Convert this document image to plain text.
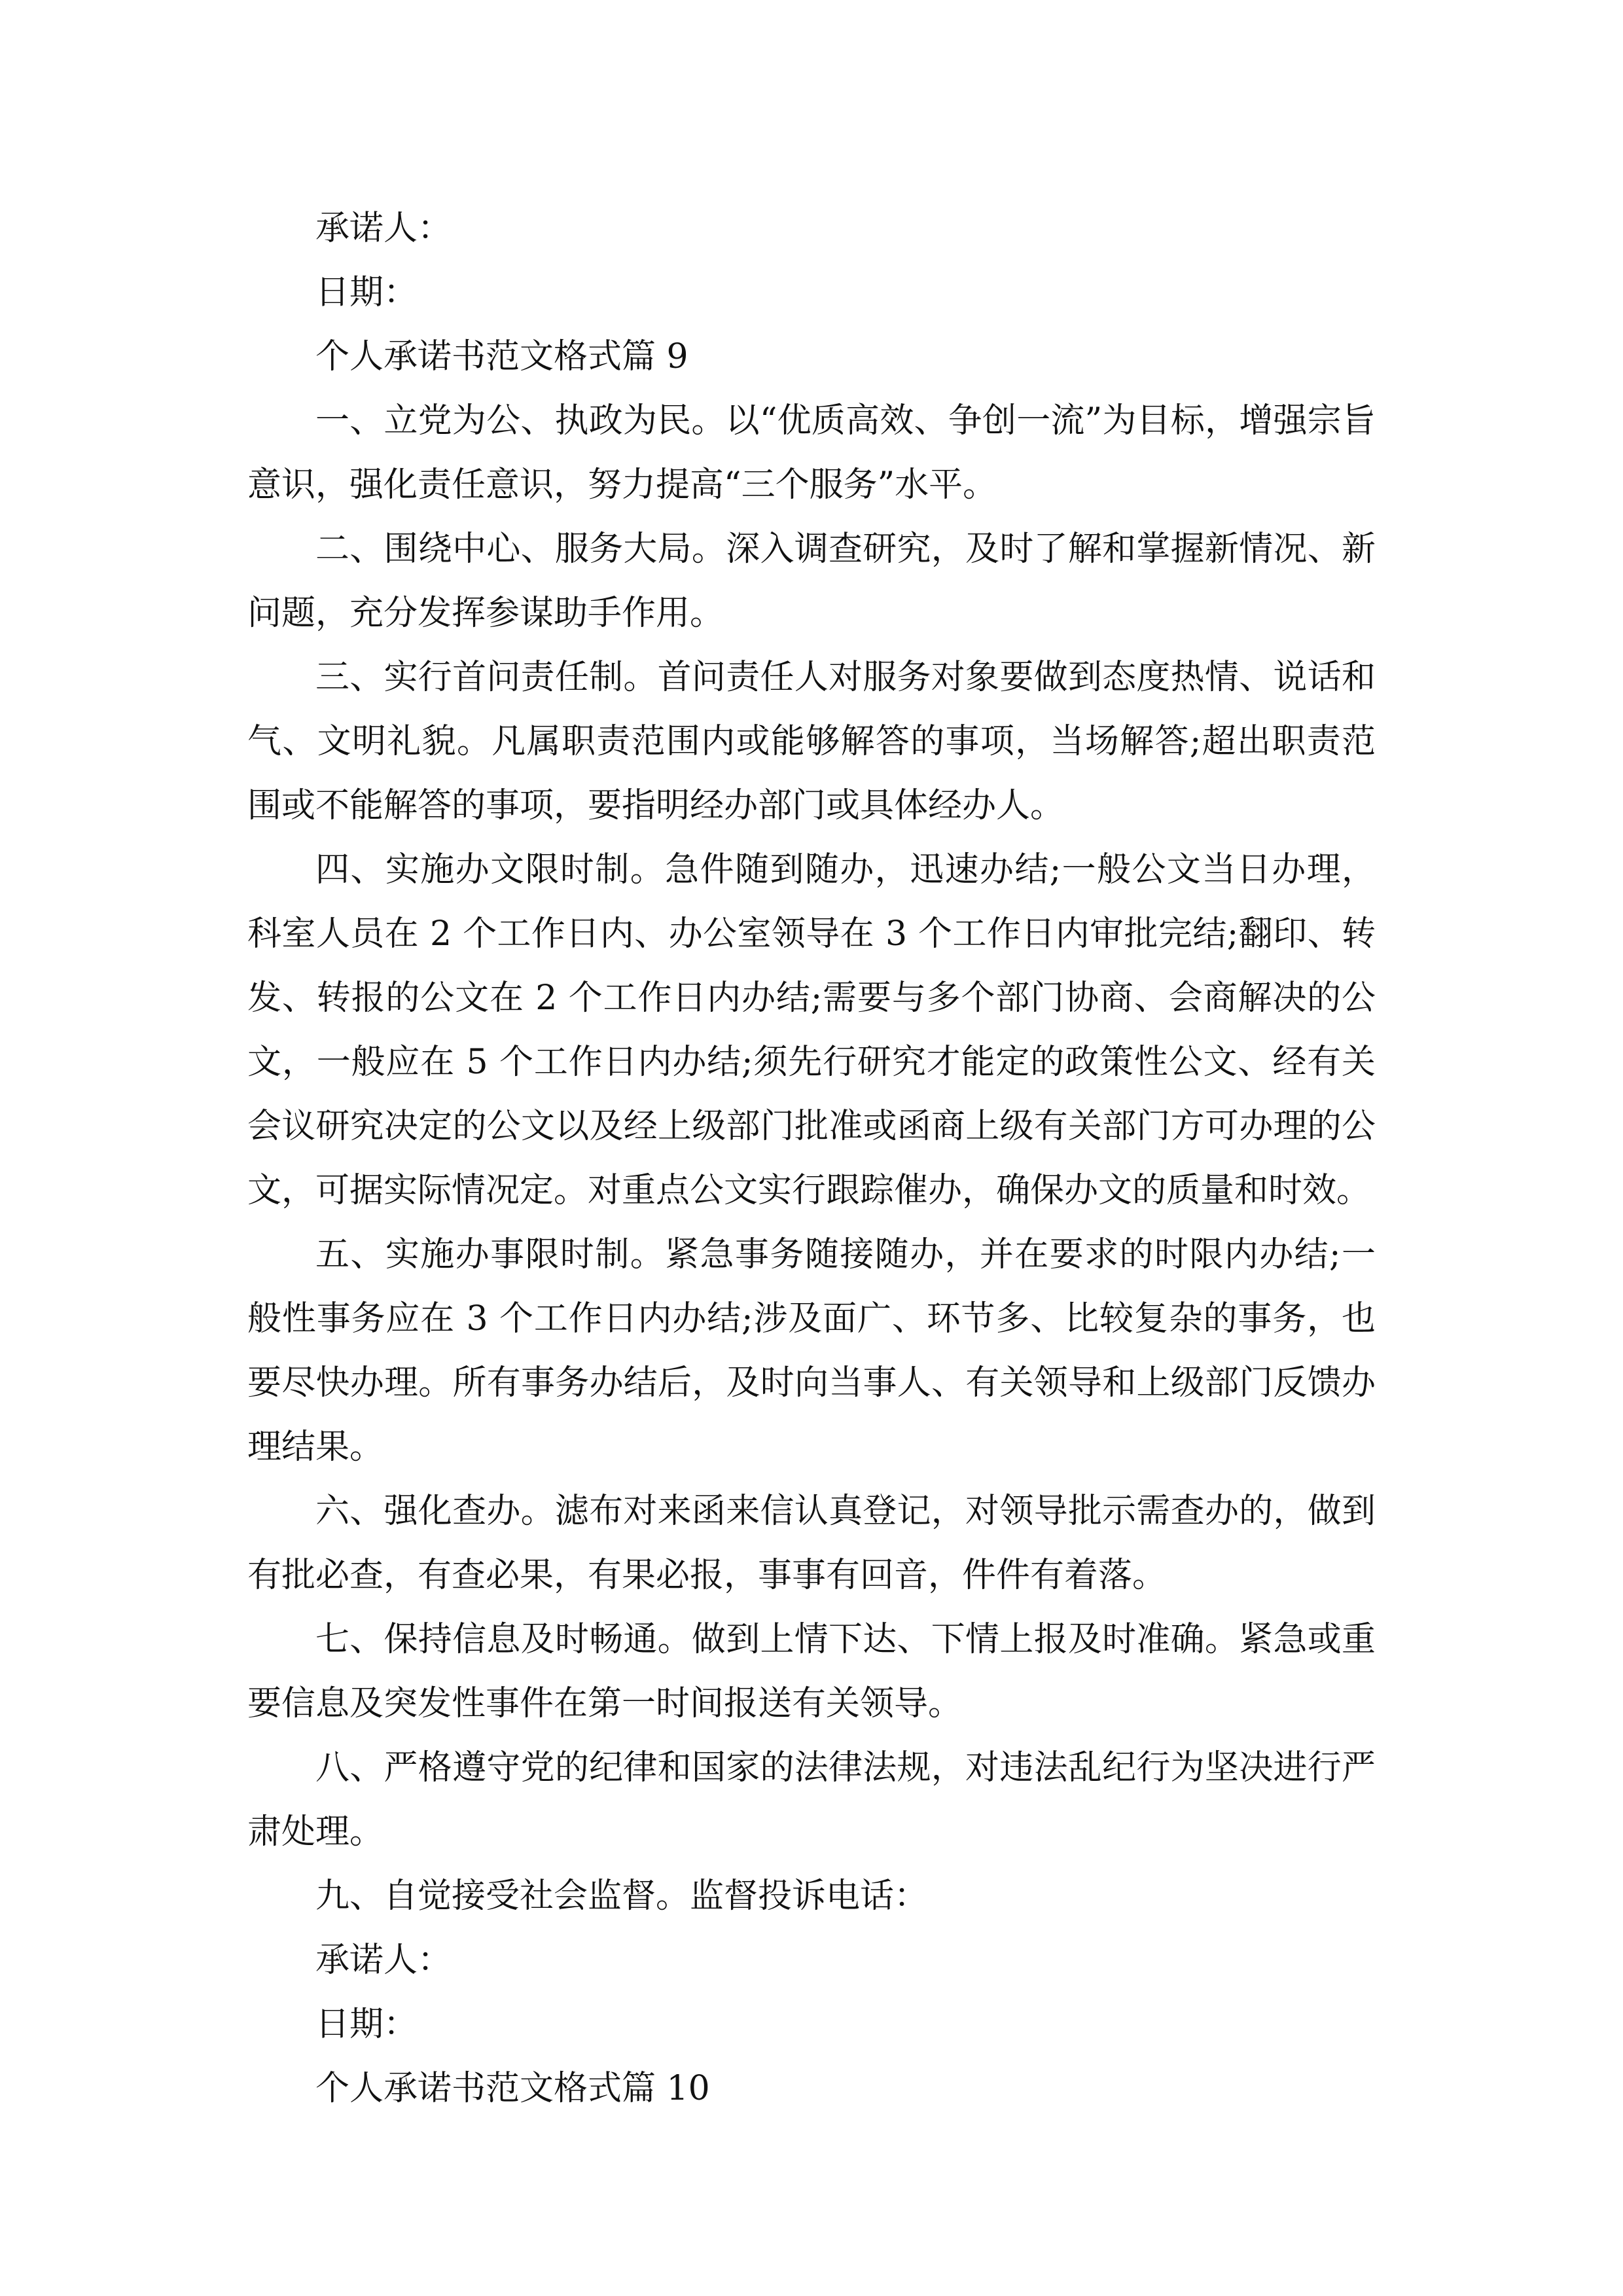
承诺人：

日期：

个人承诺书范文格式篇 9

一、立党为公、执政为民。以“优质高效、争创一流”为目标，增强宗旨意识，强化责任意识，努力提高“三个服务”水平。

二、围绕中心、服务大局。深入调查研究，及时了解和掌握新情况、新问题，充分发挥参谋助手作用。

三、实行首问责任制。首问责任人对服务对象要做到态度热情、说话和气、文明礼貌。凡属职责范围内或能够解答的事项，当场解答;超出职责范围或不能解答的事项，要指明经办部门或具体经办人。

四、实施办文限时制。急件随到随办，迅速办结;一般公文当日办理，科室人员在 2 个工作日内、办公室领导在 3 个工作日内审批完结;翻印、转发、转报的公文在 2 个工作日内办结;需要与多个部门协商、会商解决的公文，一般应在 5 个工作日内办结;须先行研究才能定的政策性公文、经有关会议研究决定的公文以及经上级部门批准或函商上级有关部门方可办理的公文，可据实际情况定。对重点公文实行跟踪催办，确保办文的质量和时效。

五、实施办事限时制。紧急事务随接随办，并在要求的时限内办结;一般性事务应在 3 个工作日内办结;涉及面广、环节多、比较复杂的事务，也要尽快办理。所有事务办结后，及时向当事人、有关领导和上级部门反馈办理结果。

六、强化查办。滤布对来函来信认真登记，对领导批示需查办的，做到有批必查，有查必果，有果必报，事事有回音，件件有着落。

七、保持信息及时畅通。做到上情下达、下情上报及时准确。紧急或重要信息及突发性事件在第一时间报送有关领导。

八、严格遵守党的纪律和国家的法律法规，对违法乱纪行为坚决进行严肃处理。

九、自觉接受社会监督。监督投诉电话：

承诺人：

日期：

个人承诺书范文格式篇 10
